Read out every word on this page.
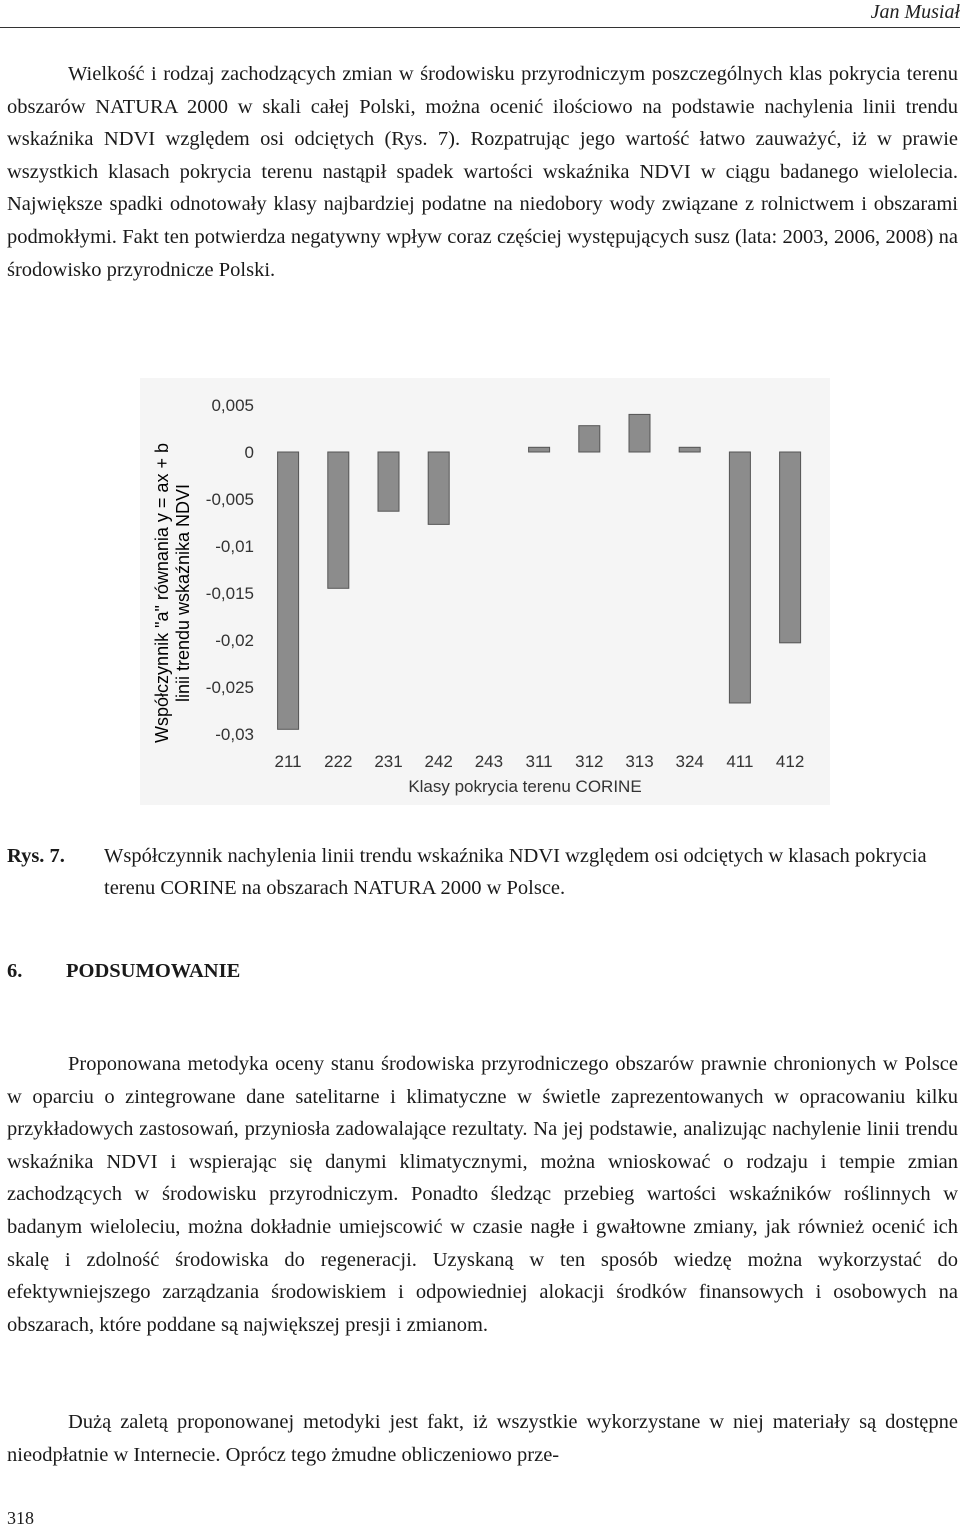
Jan Musiał

Wielkość i rodzaj zachodzących zmian w środowisku przyrodniczym poszczególnych klas pokrycia terenu obszarów NATURA 2000 w skali całej Polski, można ocenić ilościowo na podstawie nachylenia linii trendu wskaźnika NDVI względem osi odciętych (Rys. 7). Rozpatrując jego wartość łatwo zauważyć, iż w prawie wszystkich klasach pokrycia terenu nastąpił spadek wartości wskaźnika NDVI w ciągu badanego wielolecia. Największe spadki odnotowały klasy najbardziej podatne na niedobory wody związane z rolnictwem i obszarami podmokłymi. Fakt ten potwierdza negatywny wpływ coraz częściej występujących susz (lata: 2003, 2006, 2008) na środowisko przyrodnicze Polski.

0,005
0
-0,005
-0,01
-0,015
-0,02
-0,025
-0,03
211 222 231 242 243 311 312 313 324 411 412
Klasy pokrycia terenu CORINE
Współczynnik "a" równania y = ax + b linii trendu wskaźnika NDVI
Rys. 7.	Współczynnik nachylenia linii trendu wskaźnika NDVI względem osi odciętych w klasach pokrycia terenu CORINE na obszarach NATURA 2000 w Polsce.
6. PODSUMOWANIE

Proponowana metodyka oceny stanu środowiska przyrodniczego obszarów prawnie chronionych w Polsce w oparciu o zintegrowane dane satelitarne i klimatyczne w świetle zaprezentowanych w opracowaniu kilku przykładowych zastosowań, przyniosła zadowalające rezultaty. Na jej podstawie, analizując nachylenie linii trendu wskaźnika NDVI i wspierając się danymi klimatycznymi, można wnioskować o rodzaju i tempie zmian zachodzących w środowisku przyrodniczym. Ponadto śledząc przebieg wartości wskaźników roślinnych w badanym wieloleciu, można dokładnie umiejscowić w czasie nagłe i gwałtowne zmiany, jak również ocenić ich skalę i zdolność środowiska do regeneracji. Uzyskaną w ten sposób wiedzę można wykorzystać do efektywniejszego zarządzania środowiskiem i odpowiedniej alokacji środków finansowych i osobowych na obszarach, które poddane są największej presji i zmianom.

Dużą zaletą proponowanej metodyki jest fakt, iż wszystkie wykorzystane w niej materiały są dostępne nieodpłatnie w Internecie. Oprócz tego żmudne obliczeniowo prze-

318
